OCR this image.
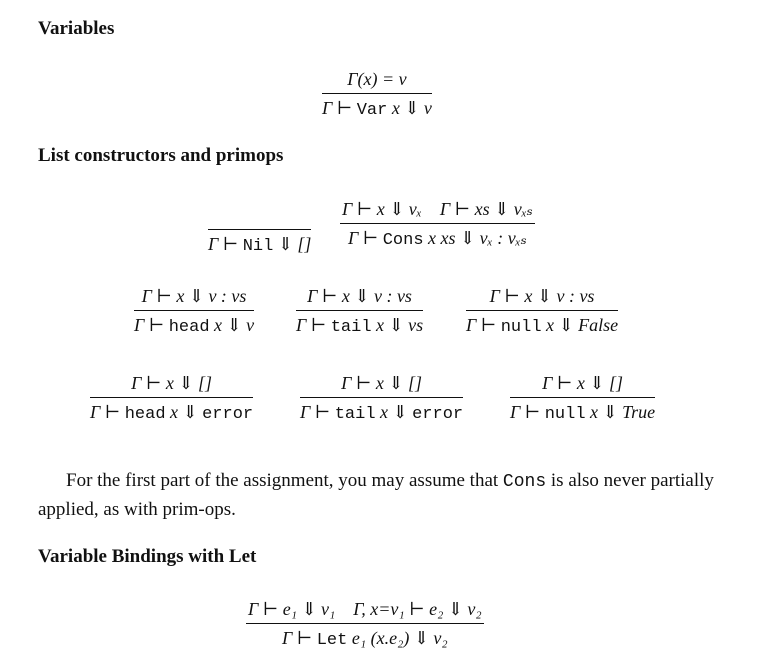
Variables
Γ(x) = v
Γ ⊢ Var x ⇓ v
List constructors and primops
Γ ⊢ Nil ⇓ []
Γ ⊢ x ⇓ vₓ Γ ⊢ xs ⇓ vₓₛ
Γ ⊢ Cons x xs ⇓ vₓ : vₓₛ
Γ ⊢ x ⇓ v : vs
Γ ⊢ head x ⇓ v
Γ ⊢ x ⇓ v : vs
Γ ⊢ tail x ⇓ vs
Γ ⊢ x ⇓ v : vs
Γ ⊢ null x ⇓ False
Γ ⊢ x ⇓ []
Γ ⊢ head x ⇓ error
Γ ⊢ x ⇓ []
Γ ⊢ tail x ⇓ error
Γ ⊢ x ⇓ []
Γ ⊢ null x ⇓ True

For the first part of the assignment, you may assume that Cons is also never partially applied, as with prim-ops.

Variable Bindings with Let
Γ ⊢ e₁ ⇓ v₁ Γ, x=v₁ ⊢ e₂ ⇓ v₂
Γ ⊢ Let e₁ (x.e₂) ⇓ v₂
